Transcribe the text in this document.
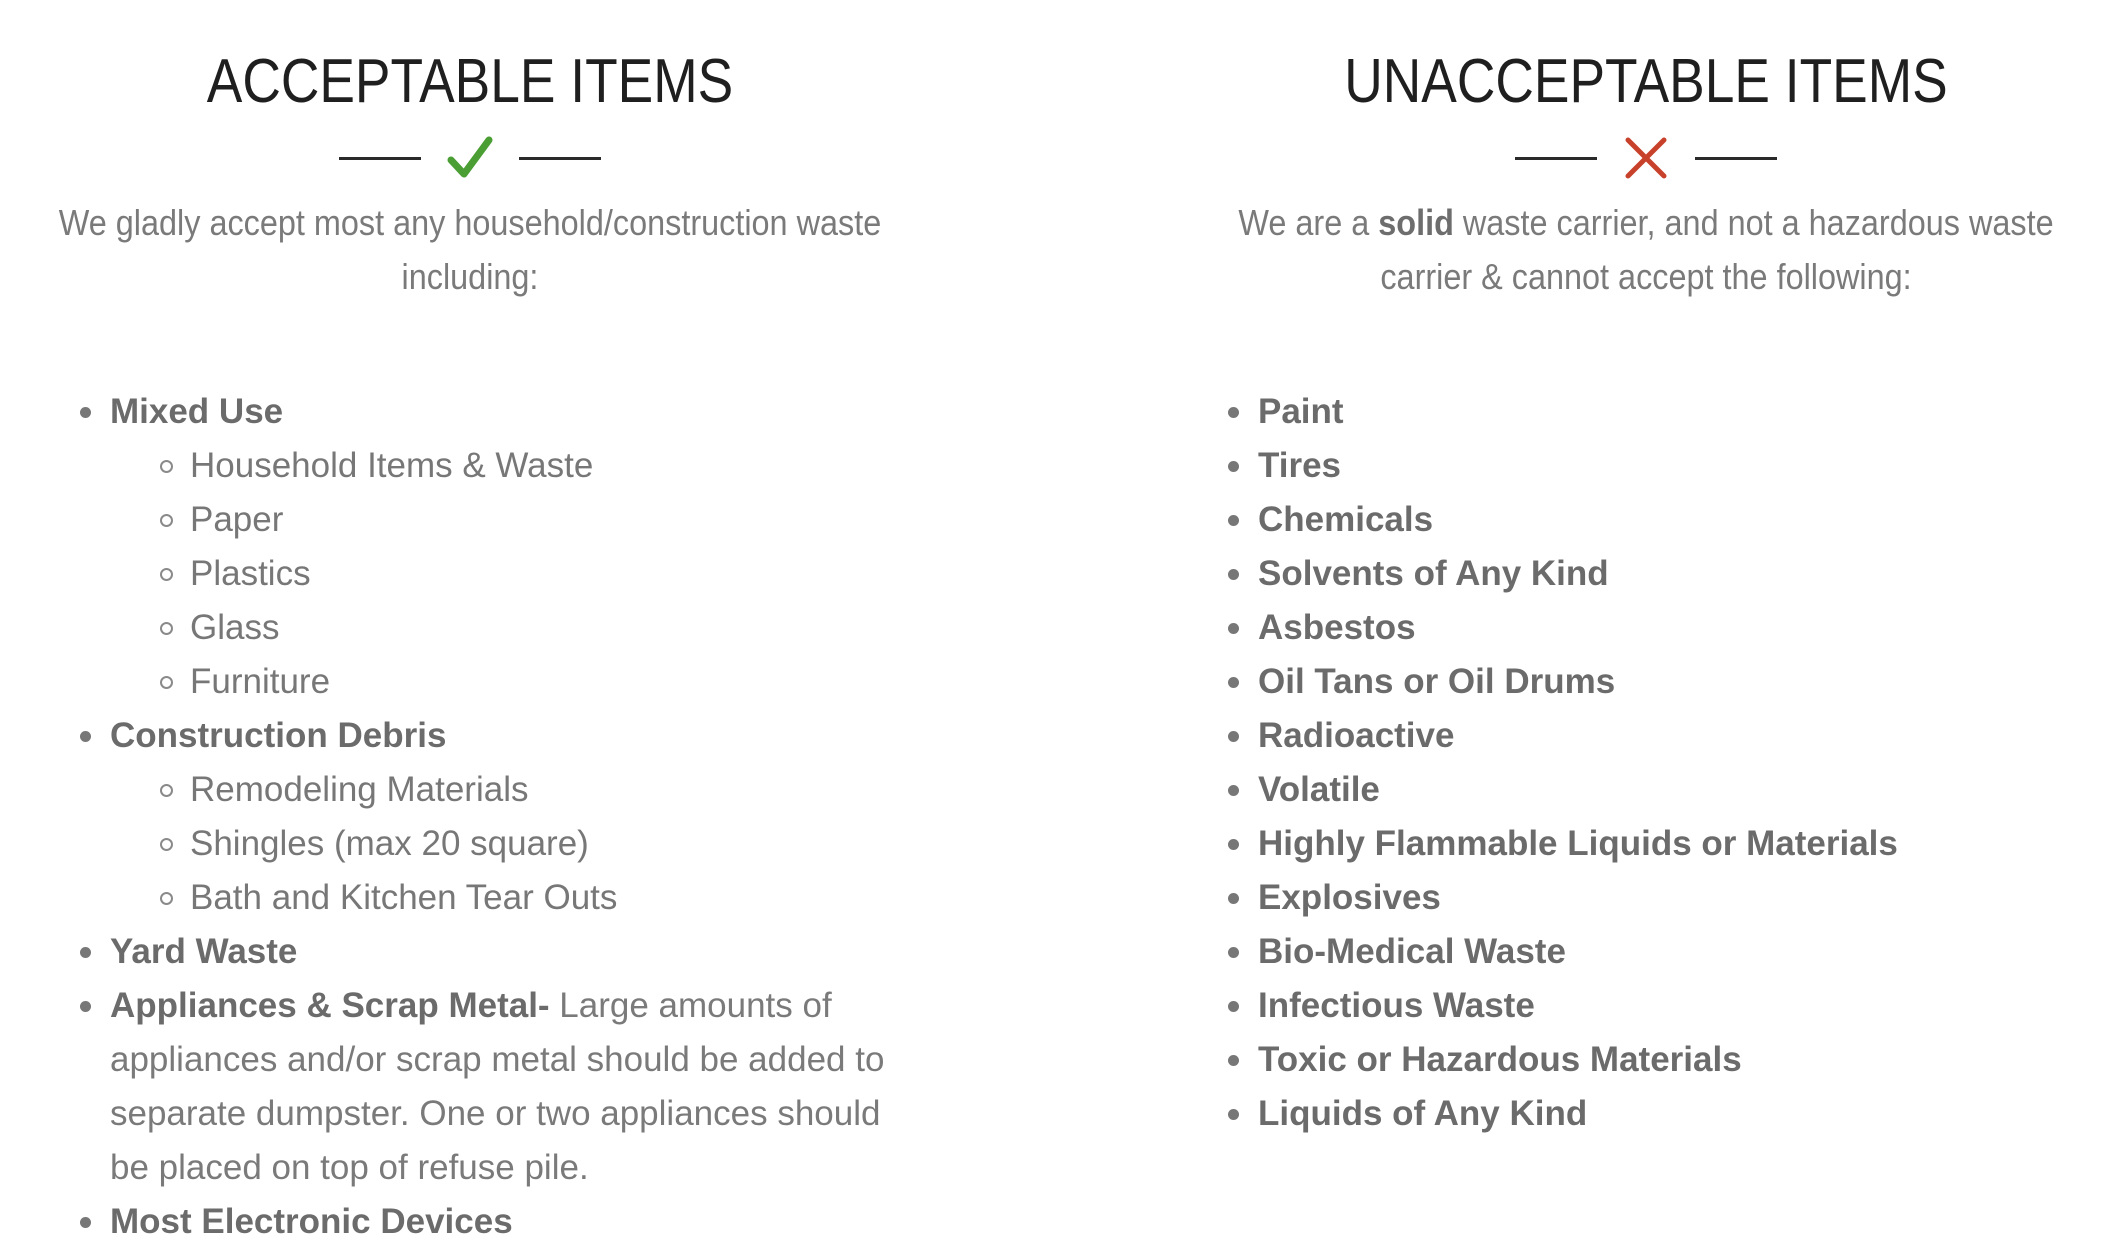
ACCEPTABLE ITEMS

We gladly accept most any household/construction waste including:

Mixed Use
Household Items & Waste
Paper
Plastics
Glass
Furniture
Construction Debris
Remodeling Materials
Shingles (max 20 square)
Bath and Kitchen Tear Outs
Yard Waste
Appliances & Scrap Metal- Large amounts of appliances and/or scrap metal should be added to separate dumpster. One or two appliances should be placed on top of refuse pile.
Most Electronic Devices
UNACCEPTABLE ITEMS

We are a solid waste carrier, and not a hazardous waste carrier & cannot accept the following:

Paint
Tires
Chemicals
Solvents of Any Kind
Asbestos
Oil Tans or Oil Drums
Radioactive
Volatile
Highly Flammable Liquids or Materials
Explosives
Bio-Medical Waste
Infectious Waste
Toxic or Hazardous Materials
Liquids of Any Kind
